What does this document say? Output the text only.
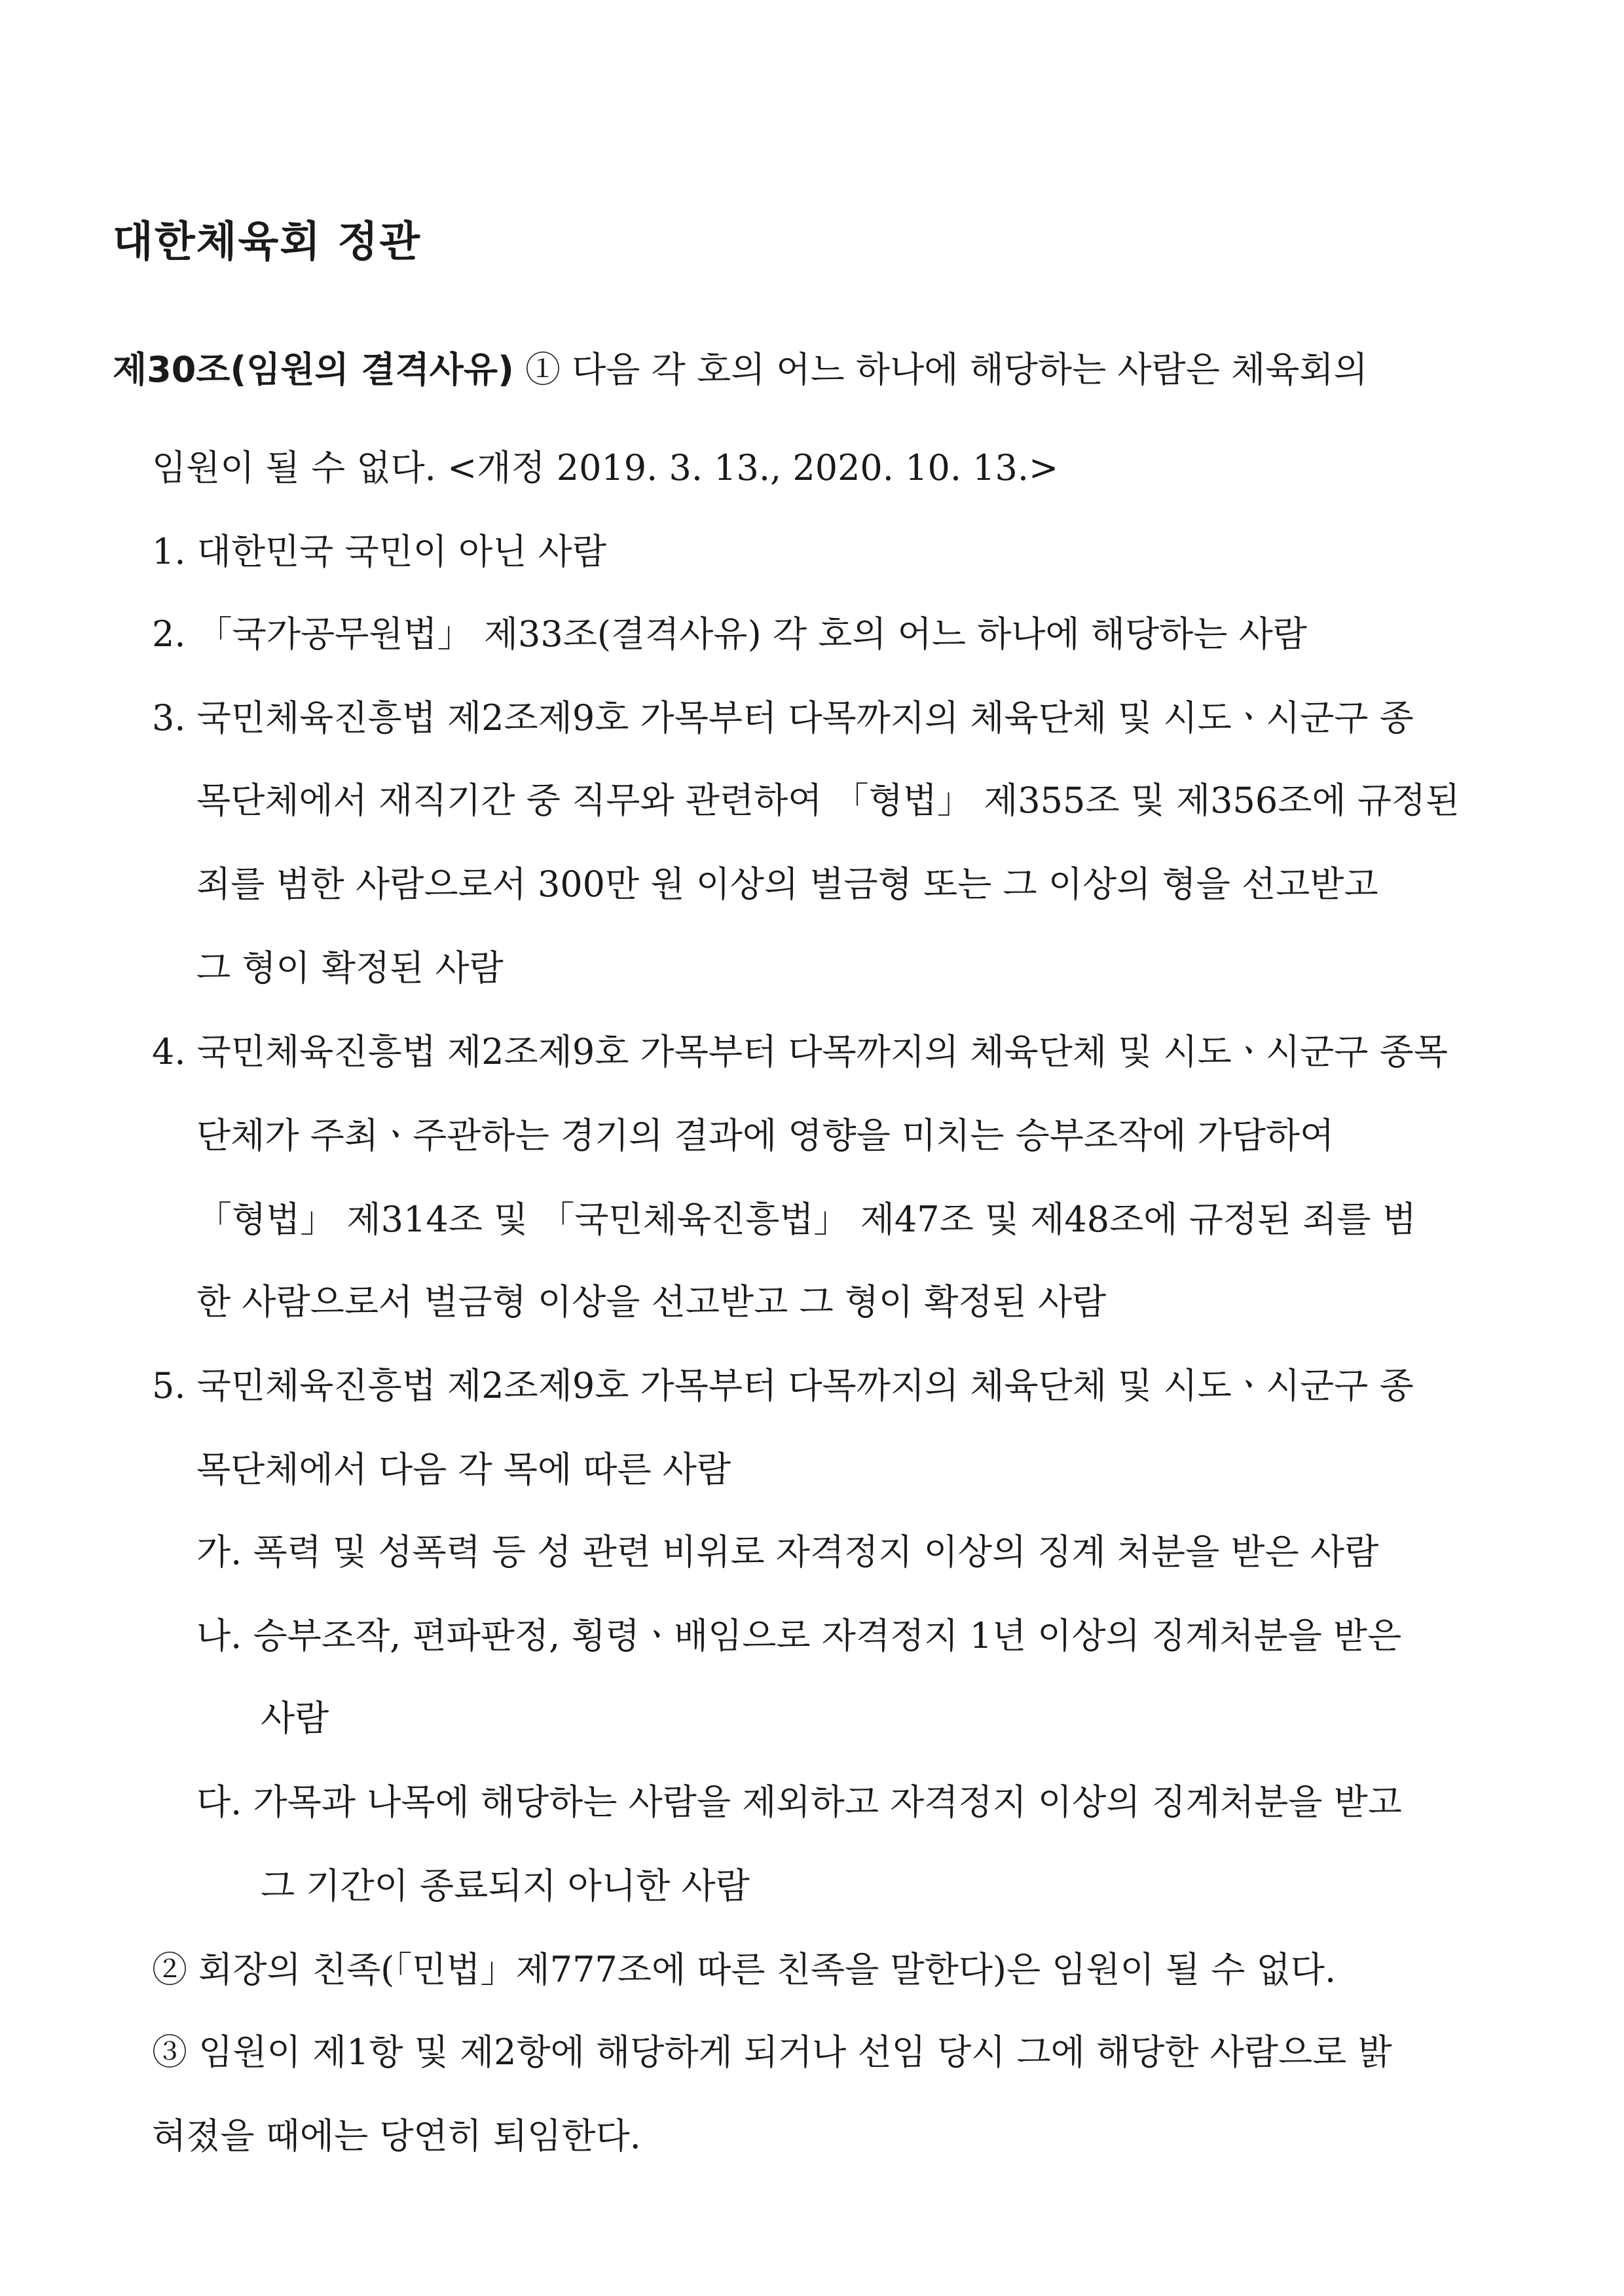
대한체육회 정관

제30조(임원의 결격사유) ① 다음 각 호의 어느 하나에 해당하는 사람은 체육회의

임원이 될 수 없다. <개정 2019. 3. 13., 2020. 10. 13.>

1. 대한민국 국민이 아닌 사람

2. 「국가공무원법」 제33조(결격사유) 각 호의 어느 하나에 해당하는 사람

3. 국민체육진흥법 제2조제9호 가목부터 다목까지의 체육단체 및 시도ㆍ시군구 종

목단체에서 재직기간 중 직무와 관련하여 「형법」 제355조 및 제356조에 규정된

죄를 범한 사람으로서 300만 원 이상의 벌금형 또는 그 이상의 형을 선고받고

그 형이 확정된 사람

4. 국민체육진흥법 제2조제9호 가목부터 다목까지의 체육단체 및 시도ㆍ시군구 종목

단체가 주최ㆍ주관하는 경기의 결과에 영향을 미치는 승부조작에 가담하여

「형법」 제314조 및 「국민체육진흥법」 제47조 및 제48조에 규정된 죄를 범

한 사람으로서 벌금형 이상을 선고받고 그 형이 확정된 사람

5. 국민체육진흥법 제2조제9호 가목부터 다목까지의 체육단체 및 시도ㆍ시군구 종

목단체에서 다음 각 목에 따른 사람

가. 폭력 및 성폭력 등 성 관련 비위로 자격정지 이상의 징계 처분을 받은 사람

나. 승부조작, 편파판정, 횡령ㆍ배임으로 자격정지 1년 이상의 징계처분을 받은

사람

다. 가목과 나목에 해당하는 사람을 제외하고 자격정지 이상의 징계처분을 받고

그 기간이 종료되지 아니한 사람

② 회장의 친족(「민법」제777조에 따른 친족을 말한다)은 임원이 될 수 없다.

③ 임원이 제1항 및 제2항에 해당하게 되거나 선임 당시 그에 해당한 사람으로 밝

혀졌을 때에는 당연히 퇴임한다.
